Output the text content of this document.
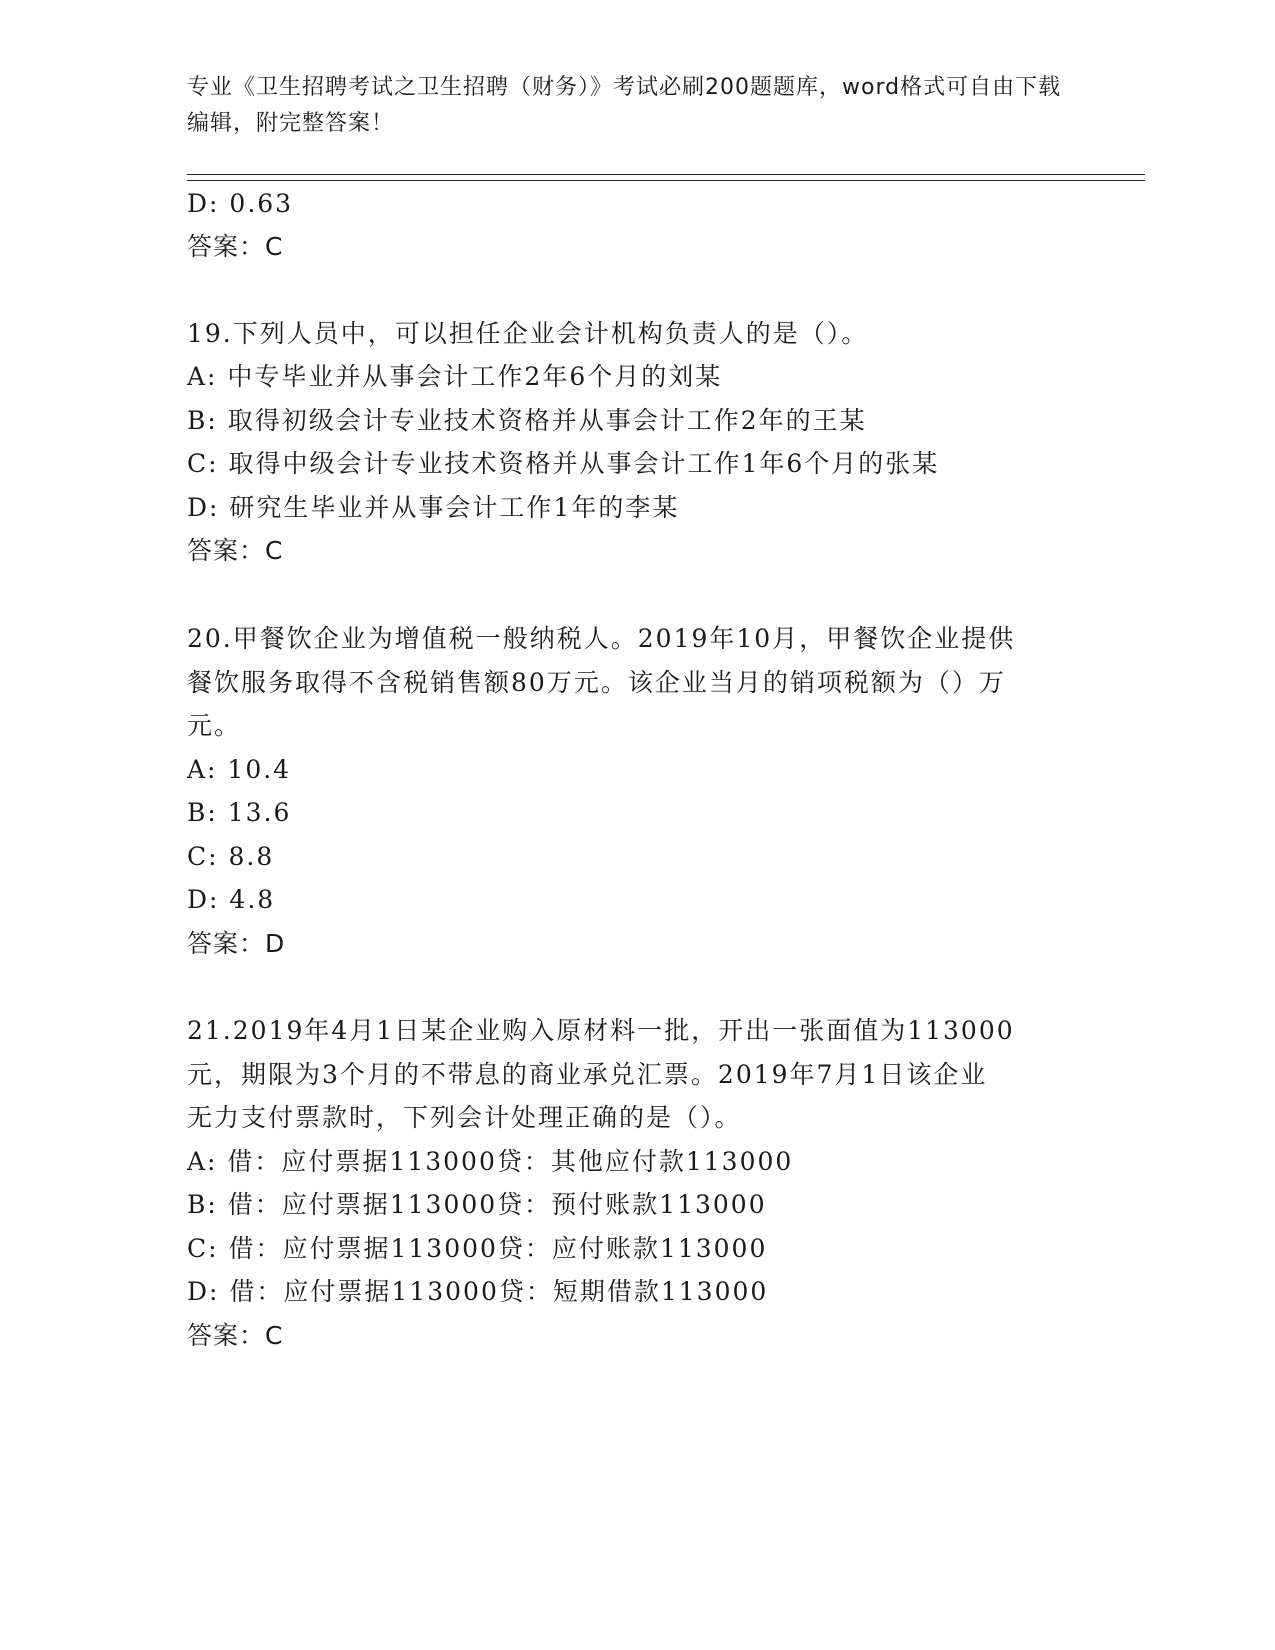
专业《卫生招聘考试之卫生招聘（财务）》考试必刷200题题库，word格式可自由下载编辑，附完整答案！
D: 0.63
答案：C
19.下列人员中，可以担任企业会计机构负责人的是（）。
A: 中专毕业并从事会计工作2年6个月的刘某
B: 取得初级会计专业技术资格并从事会计工作2年的王某
C: 取得中级会计专业技术资格并从事会计工作1年6个月的张某
D: 研究生毕业并从事会计工作1年的李某
答案：C
20.甲餐饮企业为增值税一般纳税人。2019年10月，甲餐饮企业提供
餐饮服务取得不含税销售额80万元。该企业当月的销项税额为（）万
元。
A: 10.4
B: 13.6
C: 8.8
D: 4.8
答案：D
21.2019年4月1日某企业购入原材料一批，开出一张面值为113000
元，期限为3个月的不带息的商业承兑汇票。2019年7月1日该企业
无力支付票款时，下列会计处理正确的是（）。
A: 借：应付票据113000贷：其他应付款113000
B: 借：应付票据113000贷：预付账款113000
C: 借：应付票据113000贷：应付账款113000
D: 借：应付票据113000贷：短期借款113000
答案：C
